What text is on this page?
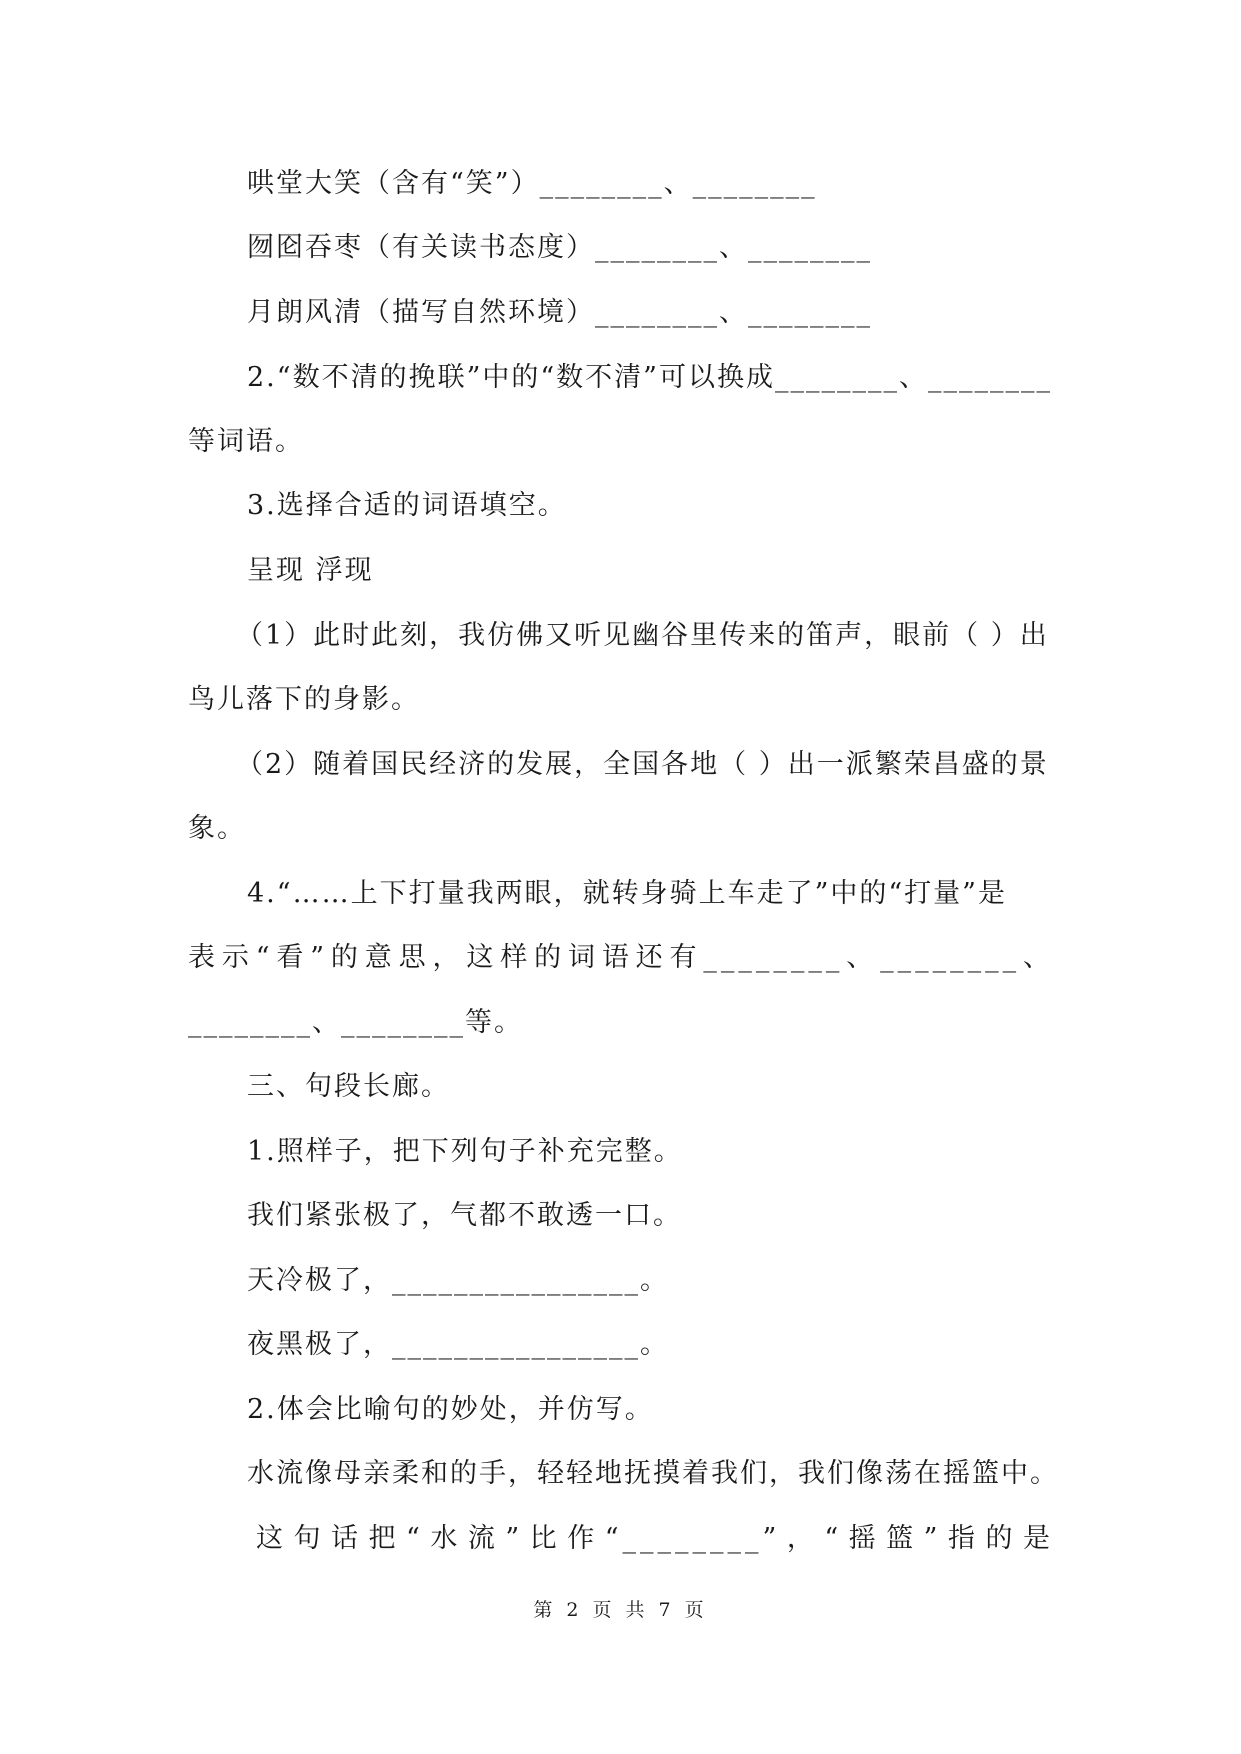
哄堂大笑（含有“笑”）________、________
囫囵吞枣（有关读书态度）________、________
月朗风清（描写自然环境）________、________
2.“数不清的挽联”中的“数不清”可以换成________、________
等词语。
3.选择合适的词语填空。
呈现 浮现
（1）此时此刻，我仿佛又听见幽谷里传来的笛声，眼前（ ）出
鸟儿落下的身影。
（2）随着国民经济的发展，全国各地（ ）出一派繁荣昌盛的景
象。
4.“……上下打量我两眼，就转身骑上车走了”中的“打量”是
表示“看”的意思，这样的词语还有________、________、
________、________等。
三、句段长廊。
1.照样子，把下列句子补充完整。
我们紧张极了，气都不敢透一口。
天冷极了，________________。
夜黑极了，________________。
2.体会比喻句的妙处，并仿写。
水流像母亲柔和的手，轻轻地抚摸着我们，我们像荡在摇篮中。
这句话把“水流”比作“________”，“摇篮”指的是
第 2 页 共 7 页
